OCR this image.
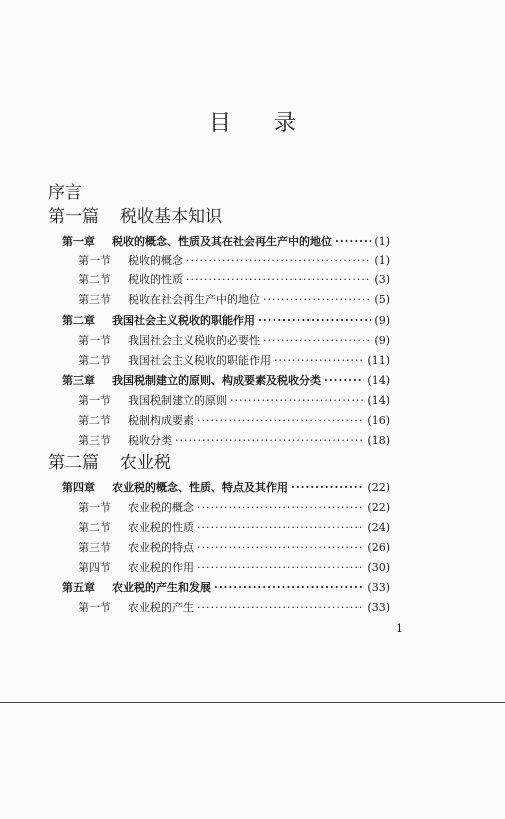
目 录
序言
第一篇 税收基本知识
第一章	税收的概念、性质及其在社会再生产中的地位 ·····	(1)
第一节	税收的概念 ·····	(1)
第二节	税收的性质 ·····	(3)
第三节	税收在社会再生产中的地位 ·····	(5)
第二章	我国社会主义税收的职能作用 ·····	(9)
第一节	我国社会主义税收的必要性 ·····	(9)
第二节	我国社会主义税收的职能作用 ·····	(11)
第三章	我国税制建立的原则、构成要素及税收分类 ·····	(14)
第一节	我国税制建立的原则 ·····	(14)
第二节	税制构成要素 ·····	(16)
第三节	税收分类 ·····	(18)
第二篇 农业税
第四章	农业税的概念、性质、特点及其作用 ·····	(22)
第一节	农业税的概念 ·····	(22)
第二节	农业税的性质 ·····	(24)
第三节	农业税的特点 ·····	(26)
第四节	农业税的作用 ·····	(30)
第五章	农业税的产生和发展 ·····	(33)
第一节	农业税的产生 ·····	(33)
1
